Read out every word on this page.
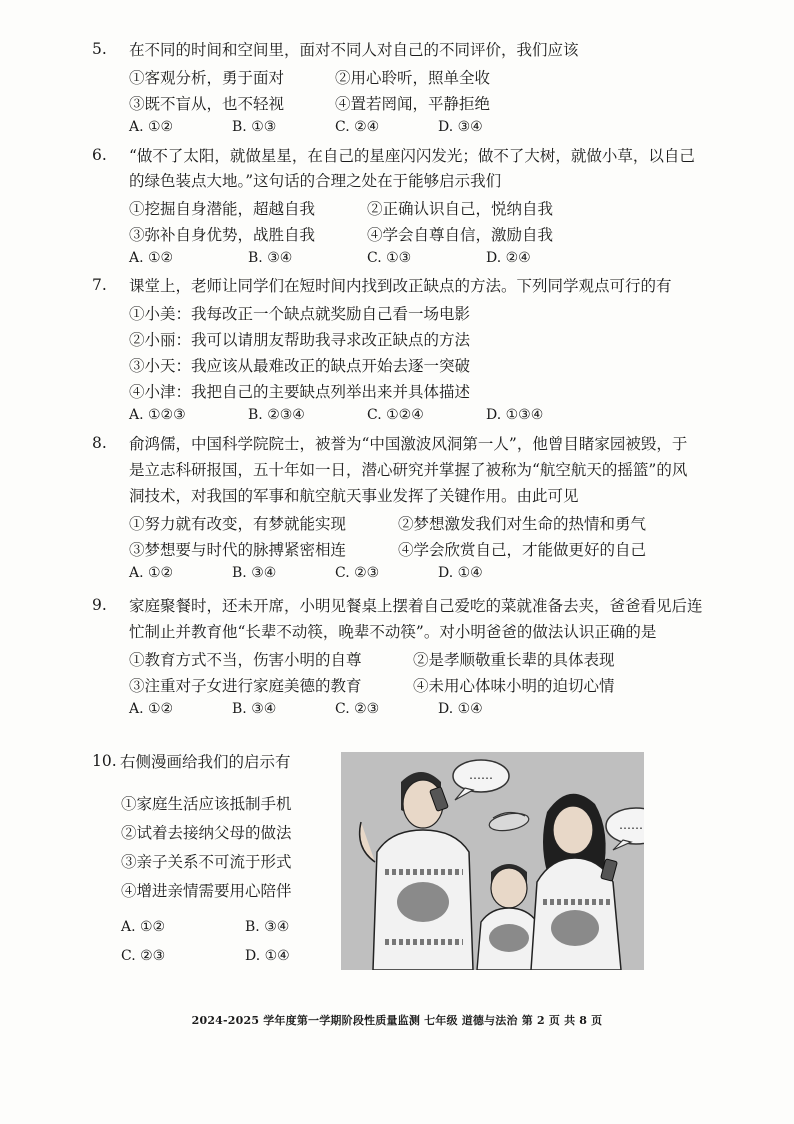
5. 在不同的时间和空间里，面对不同人对自己的不同评价，我们应该
①客观分析，勇于面对	②用心聆听，照单全收
③既不盲从，也不轻视	④置若罔闻，平静拒绝
A. ①②	B. ①③	C. ②④	D. ③④
6. “做不了太阳，就做星星，在自己的星座闪闪发光；做不了大树，就做小草，以自己
的绿色装点大地。”这句话的合理之处在于能够启示我们
①挖掘自身潜能，超越自我	②正确认识自己，悦纳自我
③弥补自身优势，战胜自我	④学会自尊自信，激励自我
A. ①②	B. ③④	C. ①③	D. ②④
7. 课堂上，老师让同学们在短时间内找到改正缺点的方法。下列同学观点可行的有
①小美：我每改正一个缺点就奖励自己看一场电影
②小丽：我可以请朋友帮助我寻求改正缺点的方法
③小天：我应该从最难改正的缺点开始去逐一突破
④小津：我把自己的主要缺点列举出来并具体描述
A. ①②③	B. ②③④	C. ①②④	D. ①③④
8. 俞鸿儒，中国科学院院士，被誉为“中国激波风洞第一人”，他曾目睹家园被毁，于
是立志科研报国，五十年如一日，潜心研究并掌握了被称为“航空航天的摇篮”的风
洞技术，对我国的军事和航空航天事业发挥了关键作用。由此可见
①努力就有改变，有梦就能实现	②梦想激发我们对生命的热情和勇气
③梦想要与时代的脉搏紧密相连	④学会欣赏自己，才能做更好的自己
A. ①②	B. ③④	C. ②③	D. ①④
9. 家庭聚餐时，还未开席，小明见餐桌上摆着自己爱吃的菜就准备去夹，爸爸看见后连
忙制止并教育他“长辈不动筷，晚辈不动筷”。对小明爸爸的做法认识正确的是
①教育方式不当，伤害小明的自尊	②是孝顺敬重长辈的具体表现
③注重对子女进行家庭美德的教育	④未用心体味小明的迫切心情
A. ①②	B. ③④	C. ②③	D. ①④
10. 右侧漫画给我们的启示有
①家庭生活应该抵制手机
②试着去接纳父母的做法
③亲子关系不可流于形式
④增进亲情需要用心陪伴
A. ①②	B. ③④
C. ②③	D. ①④
……
……
2024-2025 学年度第一学期阶段性质量监测 七年级 道德与法治 第 2 页 共 8 页
